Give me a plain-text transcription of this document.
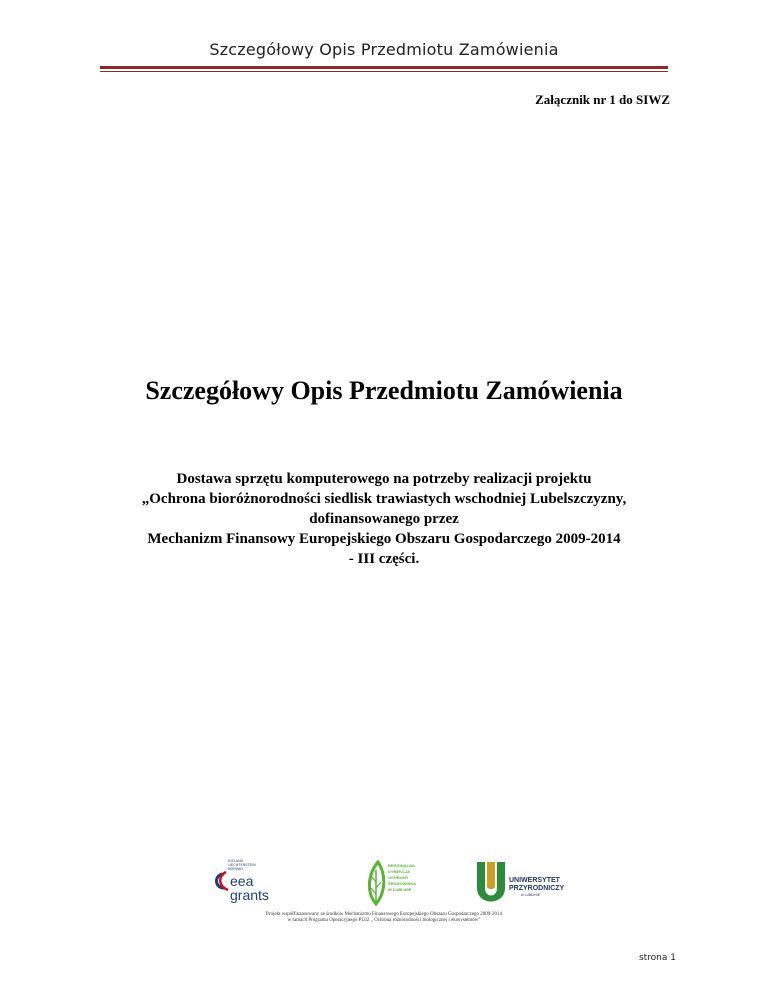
Szczegółowy Opis Przedmiotu Zamówienia
Załącznik nr 1 do SIWZ
Szczegółowy Opis Przedmiotu Zamówienia
Dostawa sprzętu komputerowego na potrzeby realizacji projektu
„Ochrona bioróżnorodności siedlisk trawiastych wschodniej Lubelszczyzny,
dofinansowanego przez
Mechanizm Finansowy Europejskiego Obszaru Gospodarczego 2009-2014
- III części.
ICELAND
LIECHTENSTEIN
NORWAY
eea
grants
REGIONALNA
DYREKCJA
OCHRONY
ŚRODOWISKA
W LUBLINIE
UNIWERSYTET
PRZYRODNICZY
w LUBLINIE
Projekt współfinansowany ze środków Mechanizmu Finansowego Europejskiego Obszaru Gospodarczego 2009-2014
w ramach Programu Operacyjnego PL02 „ Ochrona różnorodności biologicznej i ekosystemów”
strona 1
